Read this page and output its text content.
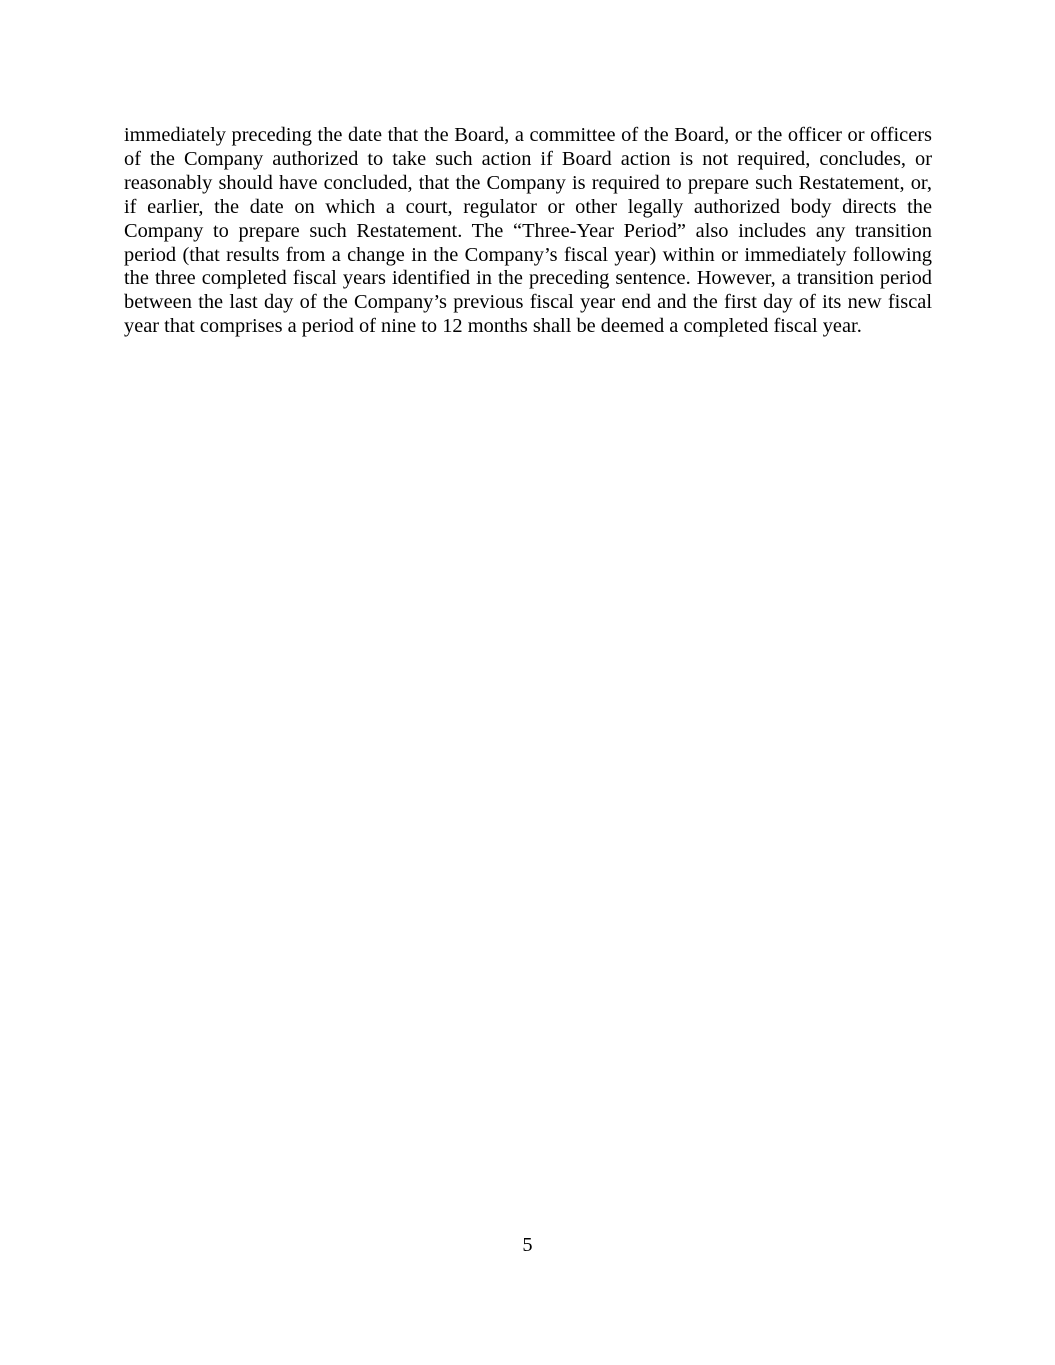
immediately preceding the date that the Board, a committee of the Board, or the officer or officers of the Company authorized to take such action if Board action is not required, concludes, or reasonably should have concluded, that the Company is required to prepare such Restatement, or, if earlier, the date on which a court, regulator or other legally authorized body directs the Company to prepare such Restatement. The “Three-Year Period” also includes any transition period (that results from a change in the Company’s fiscal year) within or immediately following the three completed fiscal years identified in the preceding sentence. However, a transition period between the last day of the Company’s previous fiscal year end and the first day of its new fiscal year that comprises a period of nine to 12 months shall be deemed a completed fiscal year.

5
